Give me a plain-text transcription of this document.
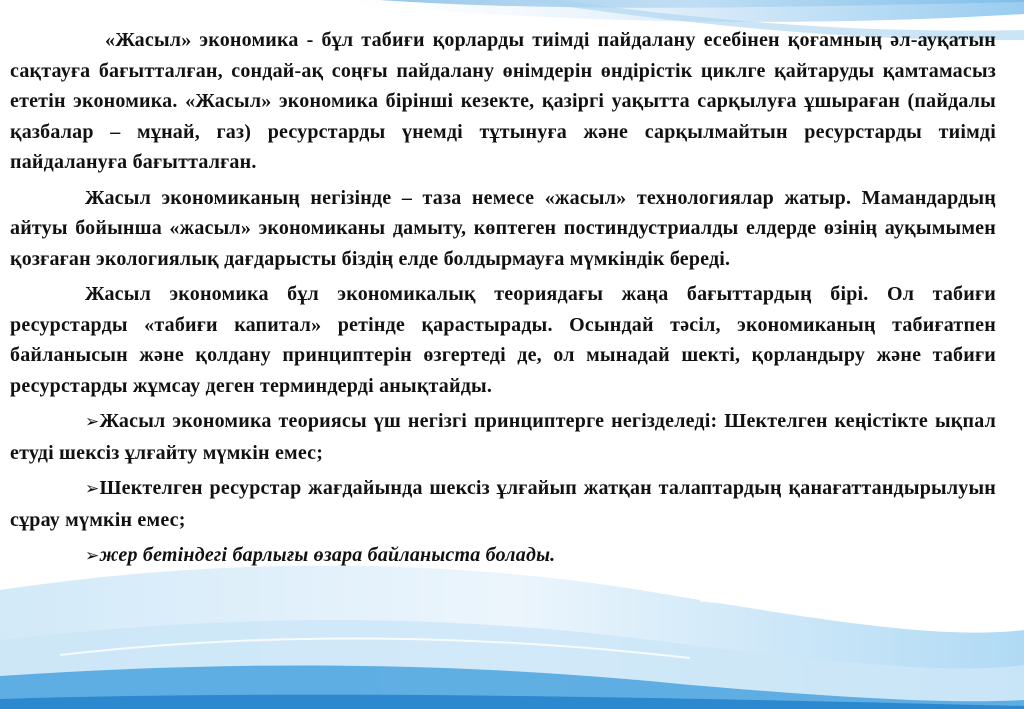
«Жасыл» экономика - бұл табиғи қорларды тиімді пайдалану есебінен қоғамның әл-ауқатын сақтауға бағытталған, сондай-ақ соңғы пайдалану өнімдерін өндірістік циклге қайтаруды қамтамасыз ететін экономика. «Жасыл» экономика бірінші кезекте, қазіргі уақытта сарқылуға ұшыраған (пайдалы қазбалар – мұнай, газ) ресурстарды үнемді тұтынуға және сарқылмайтын ресурстарды тиімді пайдалануға бағытталған.

Жасыл экономиканың негізінде – таза немесе «жасыл» технологиялар жатыр. Мамандардың айтуы бойынша «жасыл» экономиканы дамыту, көптеген постиндустриалды елдерде өзінің ауқымымен қозғаған экологиялық дағдарысты біздің елде болдырмауға мүмкіндік береді.

Жасыл экономика бұл экономикалық теориядағы жаңа бағыттардың бірі. Ол табиғи ресурстарды «табиғи капитал» ретінде қарастырады. Осындай тәсіл, экономиканың табиғатпен байланысын және қолдану принциптерін өзгертеді де, ол мынадай шекті, қорландыру және табиғи ресурстарды жұмсау деген терминдерді анықтайды.

➢Жасыл экономика теориясы үш негізгі принциптерге негізделеді: Шектелген кеңістікте ықпал етуді шексіз ұлғайту мүмкін емес;

➢Шектелген ресурстар жағдайында шексіз ұлғайып жатқан талаптардың қанағаттандырылуын сұрау мүмкін емес;

➢жер бетіндегі барлығы өзара байланыста болады.
